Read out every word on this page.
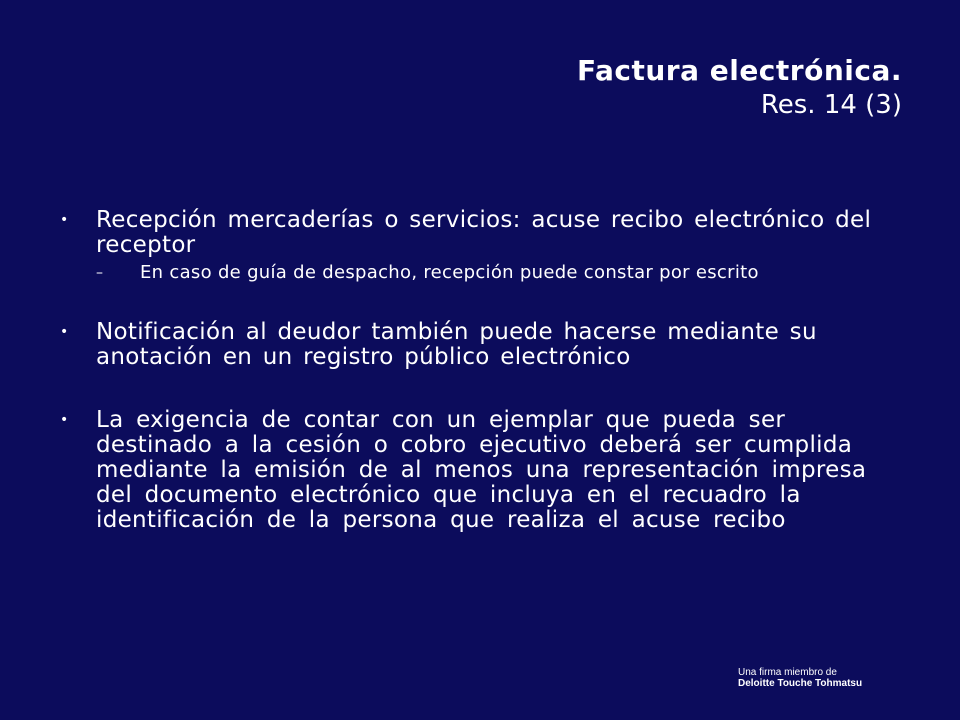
Factura electrónica.
Res. 14 (3)
• Recepción mercaderías o servicios: acuse recibo electrónico del receptor
–	En caso de guía de despacho, recepción puede constar por escrito
• Notificación al deudor también puede hacerse mediante su anotación en un registro público electrónico
• La exigencia de contar con un ejemplar que pueda ser destinado a la cesión o cobro ejecutivo deberá ser cumplida mediante la emisión de al menos una representación impresa del documento electrónico que incluya en el recuadro la identificación de la persona que realiza el acuse recibo
Una firma miembro de
Deloitte Touche Tohmatsu
